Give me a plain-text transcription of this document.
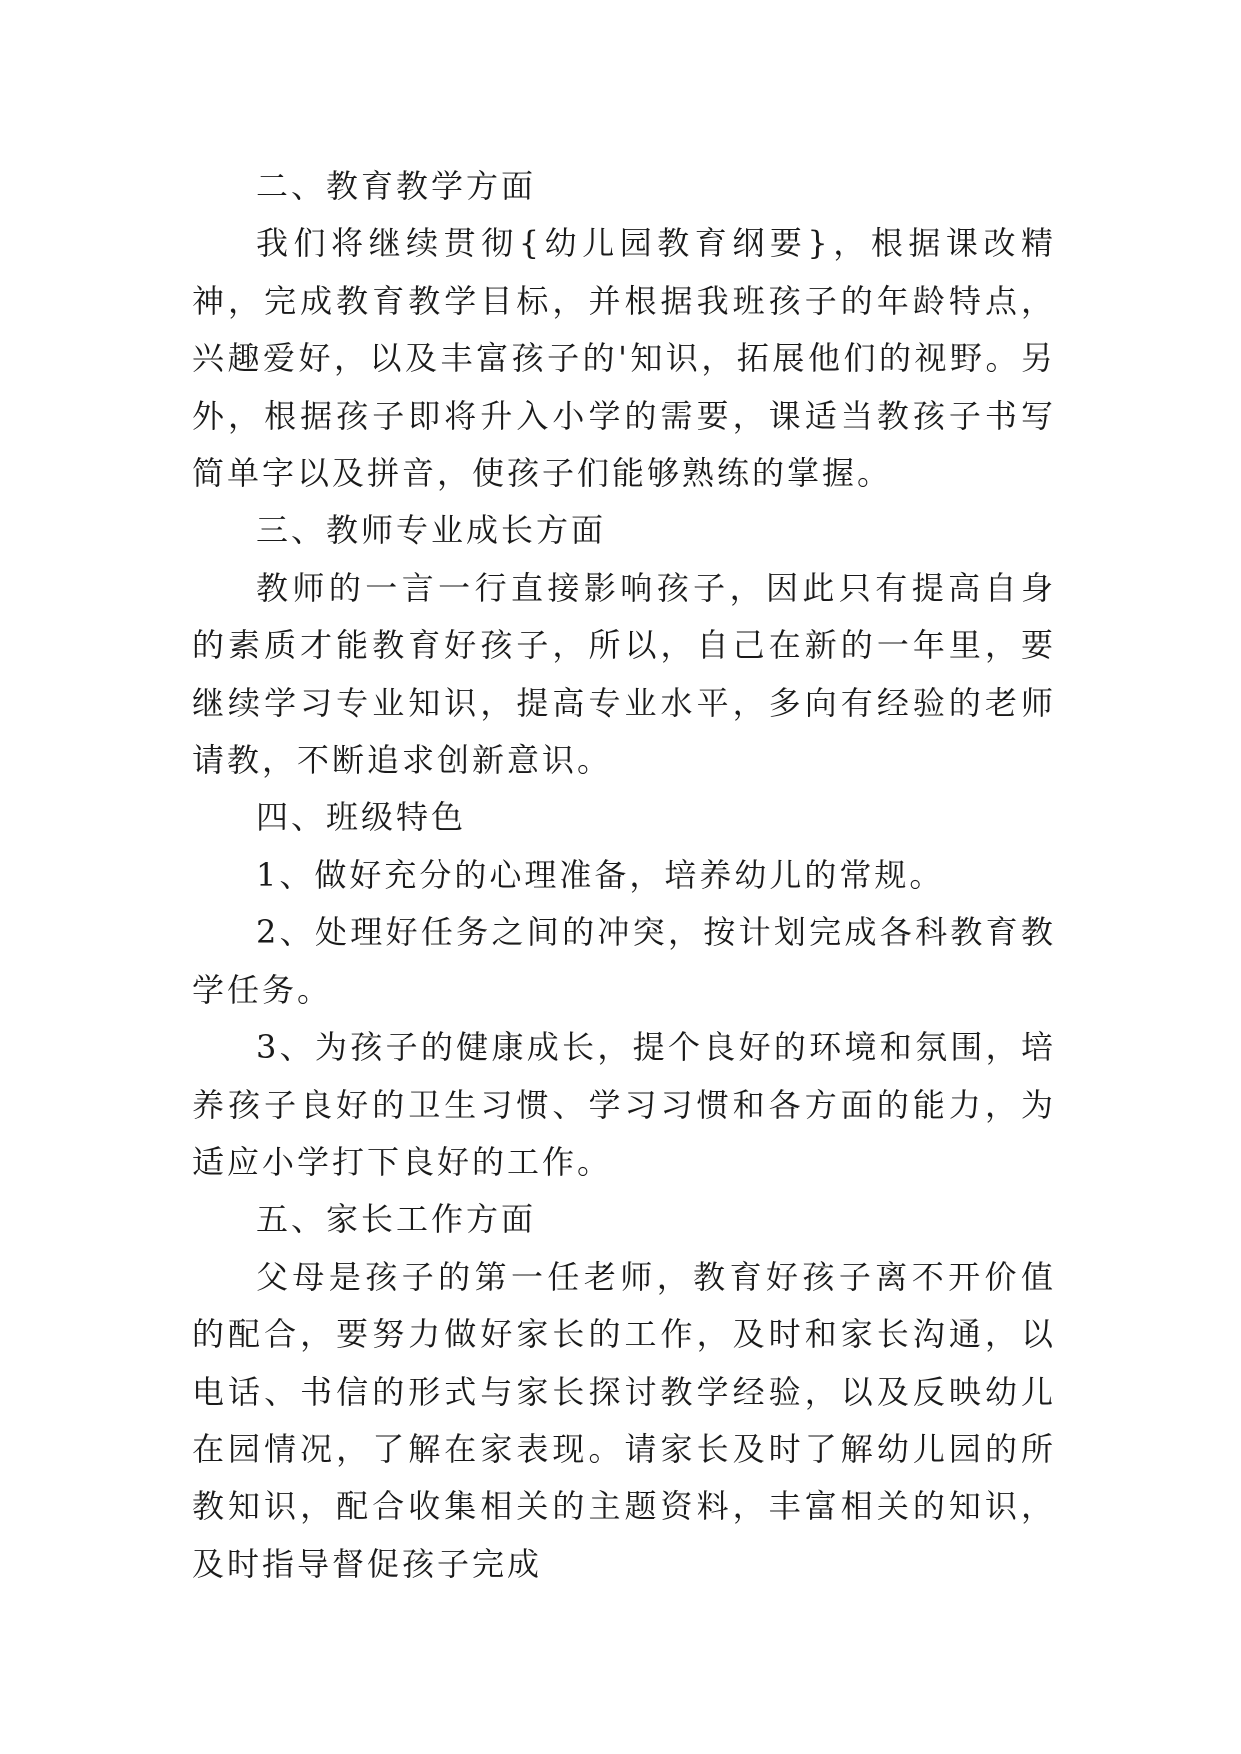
二、教育教学方面

我们将继续贯彻{幼儿园教育纲要}，根据课改精神，完成教育教学目标，并根据我班孩子的年龄特点，兴趣爱好，以及丰富孩子的'知识，拓展他们的视野。另外，根据孩子即将升入小学的需要，课适当教孩子书写简单字以及拼音，使孩子们能够熟练的掌握。

三、教师专业成长方面

教师的一言一行直接影响孩子，因此只有提高自身的素质才能教育好孩子，所以，自己在新的一年里，要继续学习专业知识，提高专业水平，多向有经验的老师请教，不断追求创新意识。

四、班级特色

1、做好充分的心理准备，培养幼儿的常规。

2、处理好任务之间的冲突，按计划完成各科教育教学任务。

3、为孩子的健康成长，提个良好的环境和氛围，培养孩子良好的卫生习惯、学习习惯和各方面的能力，为适应小学打下良好的工作。

五、家长工作方面

父母是孩子的第一任老师，教育好孩子离不开价值的配合，要努力做好家长的工作，及时和家长沟通，以电话、书信的形式与家长探讨教学经验，以及反映幼儿在园情况，了解在家表现。请家长及时了解幼儿园的所教知识，配合收集相关的主题资料，丰富相关的知识，及时指导督促孩子完成
